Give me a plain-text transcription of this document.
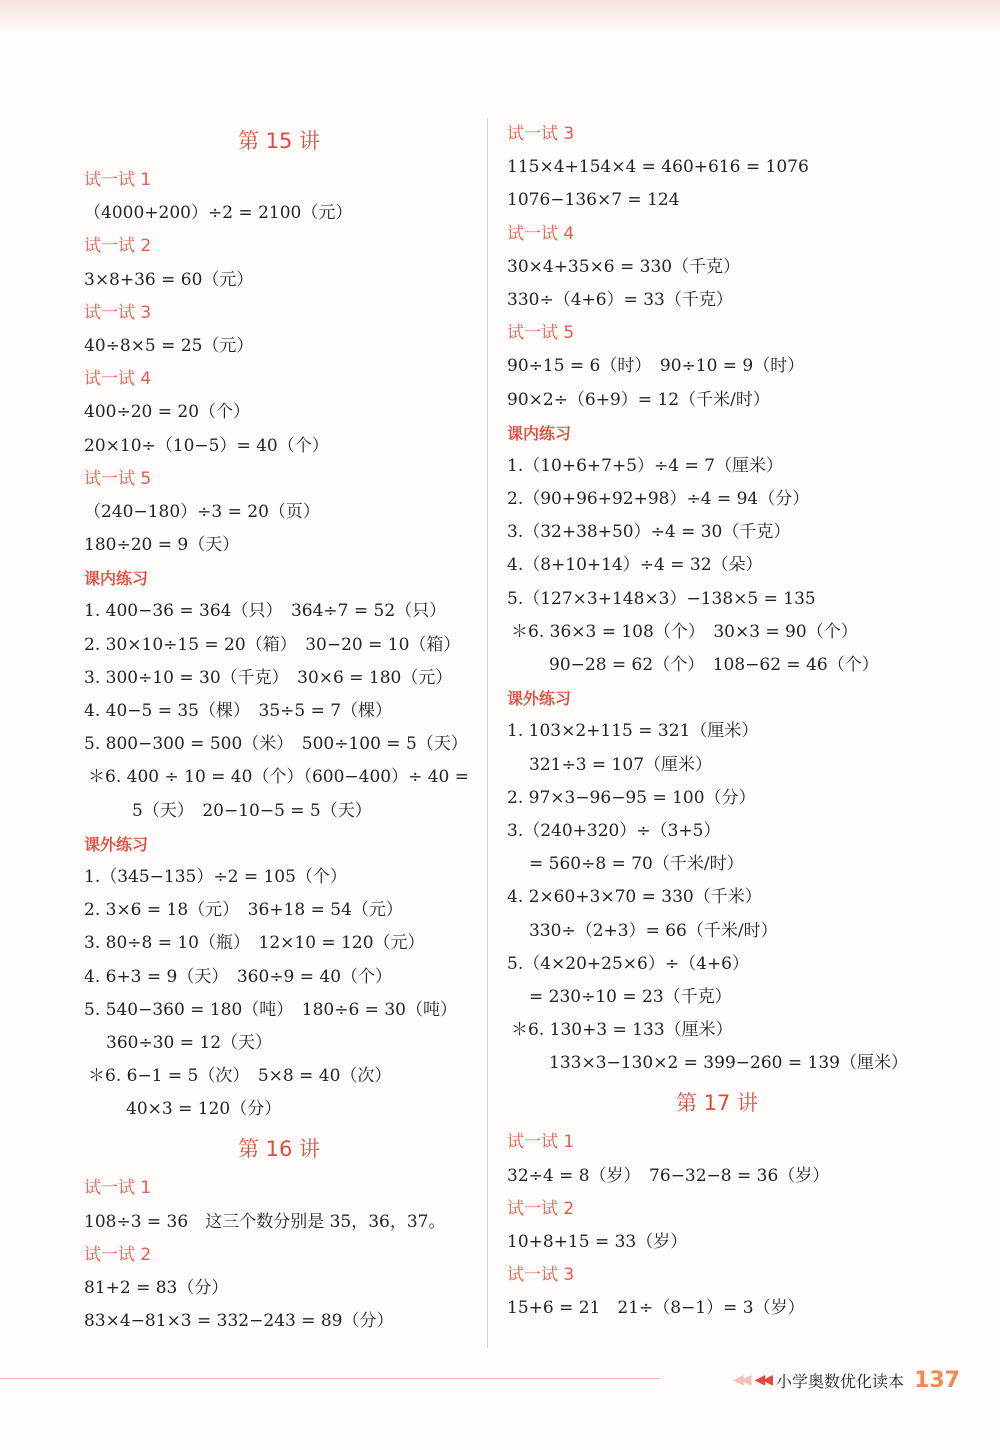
第 15 讲
试一试 1
（4000+200）÷2 = 2100（元）
试一试 2
3×8+36 = 60（元）
试一试 3
40÷8×5 = 25（元）
试一试 4
400÷20 = 20（个）
20×10÷（10−5）= 40（个）
试一试 5
（240−180）÷3 = 20（页）
180÷20 = 9（天）
课内练习
1. 400−36 = 364（只）　364÷7 = 52（只）
2. 30×10÷15 = 20（箱）　30−20 = 10（箱）
3. 300÷10 = 30（千克）　30×6 = 180（元）
4. 40−5 = 35（棵）　35÷5 = 7（棵）
5. 800−300 = 500（米）　500÷100 = 5（天）
＊6. 400 ÷ 10 = 40（个）（600−400）÷ 40 =
5（天）　20−10−5 = 5（天）
课外练习
1.（345−135）÷2 = 105（个）
2. 3×6 = 18（元）　36+18 = 54（元）
3. 80÷8 = 10（瓶）　12×10 = 120（元）
4. 6+3 = 9（天）　360÷9 = 40（个）
5. 540−360 = 180（吨）　180÷6 = 30（吨）
360÷30 = 12（天）
＊6. 6−1 = 5（次）　5×8 = 40（次）
40×3 = 120（分）
第 16 讲
试一试 1
108÷3 = 36　这三个数分别是 35，36，37。
试一试 2
81+2 = 83（分）
83×4−81×3 = 332−243 = 89（分）
试一试 3
115×4+154×4 = 460+616 = 1076
1076−136×7 = 124
试一试 4
30×4+35×6 = 330（千克）
330÷（4+6）= 33（千克）
试一试 5
90÷15 = 6（时）　90÷10 = 9（时）
90×2÷（6+9）= 12（千米/时）
课内练习
1.（10+6+7+5）÷4 = 7（厘米）
2.（90+96+92+98）÷4 = 94（分）
3.（32+38+50）÷4 = 30（千克）
4.（8+10+14）÷4 = 32（朵）
5.（127×3+148×3）−138×5 = 135
＊6. 36×3 = 108（个）　30×3 = 90（个）
90−28 = 62（个）　108−62 = 46（个）
课外练习
1. 103×2+115 = 321（厘米）
321÷3 = 107（厘米）
2. 97×3−96−95 = 100（分）
3.（240+320）÷（3+5）
= 560÷8 = 70（千米/时）
4. 2×60+3×70 = 330（千米）
330÷（2+3）= 66（千米/时）
5.（4×20+25×6）÷（4+6）
= 230÷10 = 23（千克）
＊6. 130+3 = 133（厘米）
133×3−130×2 = 399−260 = 139（厘米）
第 17 讲
试一试 1
32÷4 = 8（岁）　76−32−8 = 36（岁）
试一试 2
10+8+15 = 33（岁）
试一试 3
15+6 = 21　21÷（8−1）= 3（岁）
◀◀ ◀◀ 小学奥数优化读本 137
